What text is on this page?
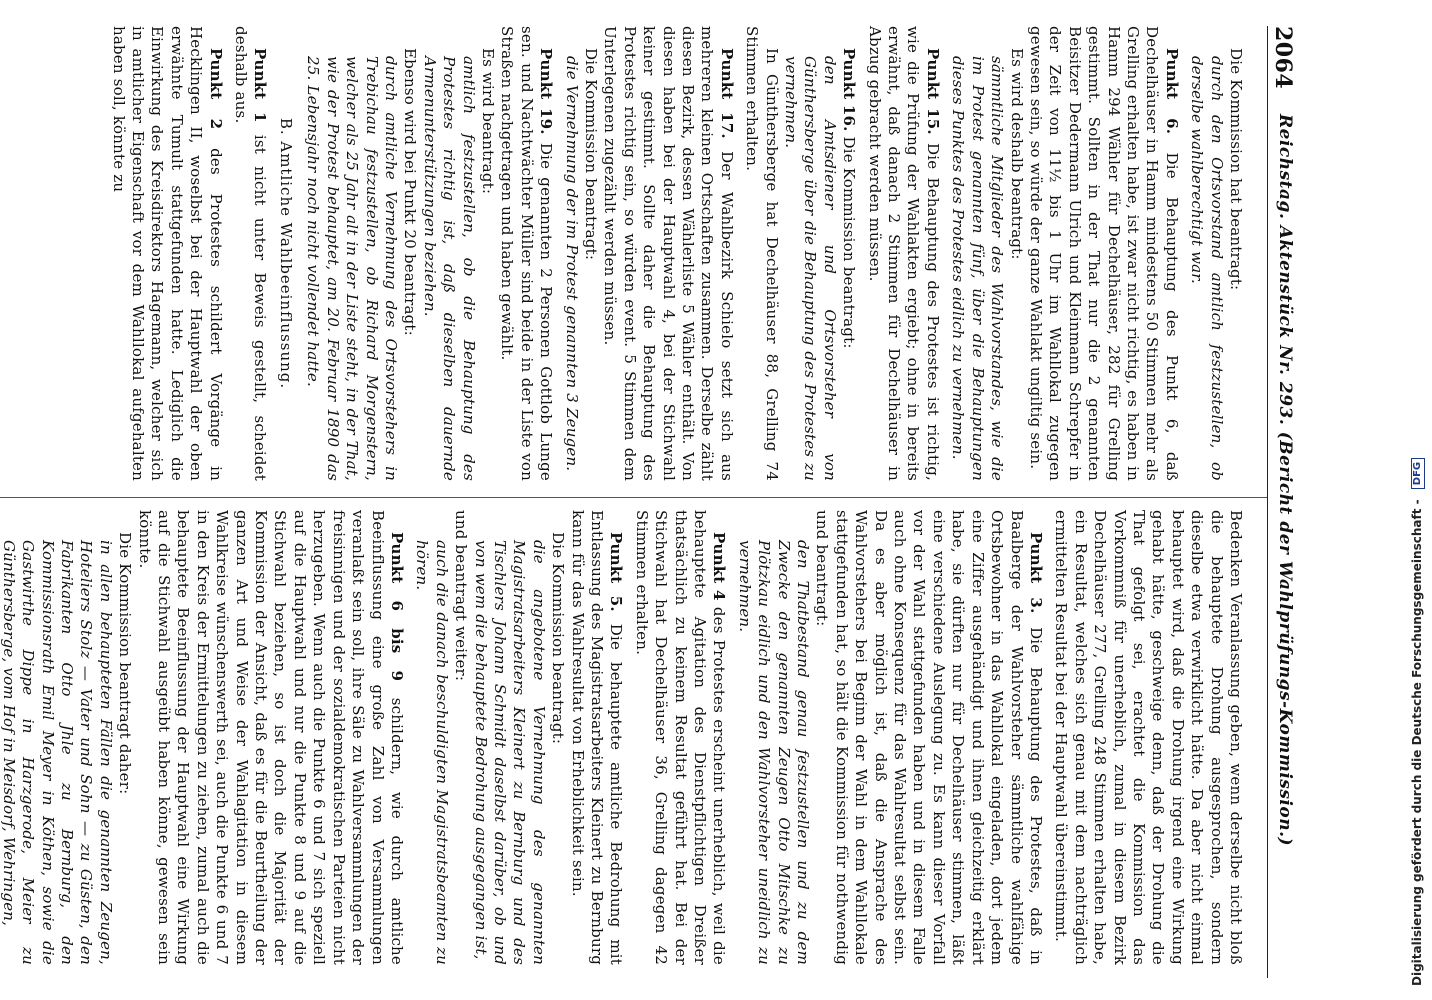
2064
Reichstag. Aktenstück Nr. 293. (Bericht der Wahlprüfungs-Kommission.)

Die Kommission hat beantragt:

durch den Ortsvorstand amtlich festzustellen, ob derselbe wahlberechtigt war.

Punkt 6. Die Behauptung des Punkt 6, daß Dechelhäuser in Hamm mindestens 50 Stimmen mehr als Grelling erhalten habe, ist zwar nicht richtig, es haben in Hamm 294 Wähler für Dechelhäuser, 282 für Grelling gestimmt. Sollten in der That nur die 2 genannten Beisitzer Dedermann Ulrich und Kleinmann Schrepfer in der Zeit von 11½ bis 1 Uhr im Wahllokal zugegen gewesen sein, so würde der ganze Wahlakt ungiltig sein.

Es wird deshalb beantragt:

sämmtliche Mitglieder des Wahlvorstandes, wie die im Protest genannten fünf, über die Behauptungen dieses Punktes des Protestes eidlich zu vernehmen.

Punkt 15. Die Behauptung des Protestes ist richtig, wie die Prüfung der Wahlakten ergiebt; ohne in bereits erwähnt, daß danach 2 Stimmen für Dechelhäuser in Abzug gebracht werden müssen.

Punkt 16. Die Kommission beantragt:

den Amtsdiener und Ortsvorsteher von Günthersberge über die Behauptung des Protestes zu vernehmen.

In Günthersberge hat Dechelhäuser 88, Grelling 74 Stimmen erhalten.

Punkt 17. Der Wahlbezirk Schielo setzt sich aus mehreren kleinen Ortschaften zusammen. Derselbe zählt diesen Bezirk, dessen Wählerliste 5 Wähler enthält. Von diesen haben bei der Hauptwahl 4, bei der Stichwahl keiner gestimmt. Sollte daher die Behauptung des Protestes richtig sein, so würden event. 5 Stimmen dem Unterlegenen zugezählt werden müssen.

Die Kommission beantragt:

die Vernehmung der im Protest genannten 3 Zeugen.

Punkt 19. Die genannten 2 Personen Gottlob Lunge sen. und Nachtwächter Müller sind beide in der Liste von Straßen nachgetragen und haben gewählt.

Es wird beantragt:

amtlich festzustellen, ob die Behauptung des Protestes richtig ist, daß dieselben dauernde Armenunterstützungen beziehen.

Ebenso wird bei Punkt 20 beantragt:

durch amtliche Vernehmung des Ortsvorstehers in Trebichau festzustellen, ob Richard Morgenstern, welcher als 25 Jahr alt in der Liste steht, in der That, wie der Protest behauptet, am 20. Februar 1890 das 25. Lebensjahr noch nicht vollendet hatte.

B. Amtliche Wahlbeeinflussung.

Punkt 1 ist nicht unter Beweis gestellt, scheidet deshalb aus.

Punkt 2 des Protestes schildert Vorgänge in Hecklingen II, woselbst bei der Hauptwahl der oben erwähnte Tumult stattgefunden hatte. Lediglich die Einwirkung des Kreisdirektors Hagemann, welcher sich in amtlicher Eigenschaft vor dem Wahllokal aufgehalten haben soll, könnte zu

Bedenken Veranlassung geben, wenn derselbe nicht bloß die behauptete Drohung ausgesprochen, sondern dieselbe etwa verwirklicht hätte. Da aber nicht einmal behauptet wird, daß die Drohung irgend eine Wirkung gehabt hätte, geschweige denn, daß der Drohung die That gefolgt sei, erachtet die Kommission das Vorkommniß für unerheblich, zumal in diesem Bezirk Dechelhäuser 277, Grelling 248 Stimmen erhalten habe, ein Resultat, welches sich genau mit dem nachträglich ermittelten Resultat bei der Hauptwahl übereinstimmt.

Punkt 3. Die Behauptung des Protestes, daß in Baalberge der Wahlvorsteher sämmtliche wahlfähige Ortsbewohner in das Wahllokal eingeladen, dort jedem eine Ziffer ausgehändigt und ihnen gleichzeitig erklärt habe, sie dürften nur für Dechelhäuser stimmen, läßt eine verschiedene Auslegung zu. Es kann dieser Vorfall vor der Wahl stattgefunden haben und in diesem Falle auch ohne Konsequenz für das Wahlresultat selbst sein. Da es aber möglich ist, daß die Ansprache des Wahlvorstehers bei Beginn der Wahl in dem Wahllokale stattgefunden hat, so hält die Kommission für nothwendig und beantragt:

den Thatbestand genau festzustellen und zu dem Zwecke den genannten Zeugen Otto Mitschke zu Plötzkau eidlich und den Wahlvorsteher uneidlich zu vernehmen.

Punkt 4 des Protestes erscheint unerheblich, weil die behauptete Agitation des Dienstpflichtigen Dreißer thatsächlich zu keinem Resultat geführt hat. Bei der Stichwahl hat Dechelhäuser 36, Grelling dagegen 42 Stimmen erhalten.

Punkt 5. Die behauptete amtliche Bedrohung mit Entlassung des Magistratsarbeiters Kleinert zu Bernburg kann für das Wahlresultat von Erheblichkeit sein.

Die Kommission beantragt:

die angebotene Vernehmung des genannten Magistratsarbeiters Kleinert zu Bernburg und des Tischlers Johann Schmidt daselbst darüber, ob und von wem die behauptete Bedrohung ausgegangen ist,

und beantragt weiter:

auch die danach beschuldigten Magistratsbeamten zu hören.

Punkt 6 bis 9 schildern, wie durch amtliche Beeinflussung eine große Zahl von Versammlungen veranlaßt sein soll, ihre Säle zu Wahlversammlungen der freisinnigen und der sozialdemokratischen Parteien nicht herzugeben. Wenn auch die Punkte 6 und 7 sich speziell auf die Hauptwahl und nur die Punkte 8 und 9 auf die Stichwahl beziehen, so ist doch die Majorität der Kommission der Ansicht, daß es für die Beurtheilung der ganzen Art und Weise der Wahlagitation in diesem Wahlkreise wünschenswerth sei, auch die Punkte 6 und 7 in den Kreis der Ermittelungen zu ziehen, zumal auch die behauptete Beeinflussung der Hauptwahl eine Wirkung auf die Stichwahl ausgeübt haben könne, gewesen sein könnte.

Die Kommission beantragt daher:

in allen behaupteten Fällen die genannten Zeugen, Hoteliers Stolz — Vater und Sohn — zu Güsten, den Fabrikanten Otto Jhle zu Bernburg, den Kommissionsrath Emil Meyer in Köthen, sowie die Gastwirthe Dippe in Harzgerode, Meier zu Günthersberge, vom Hof in Meisdorf, Wehringen,	Digitalisierung gefördert durch die Deutsche Forschungsgemeinschaft - DFG
